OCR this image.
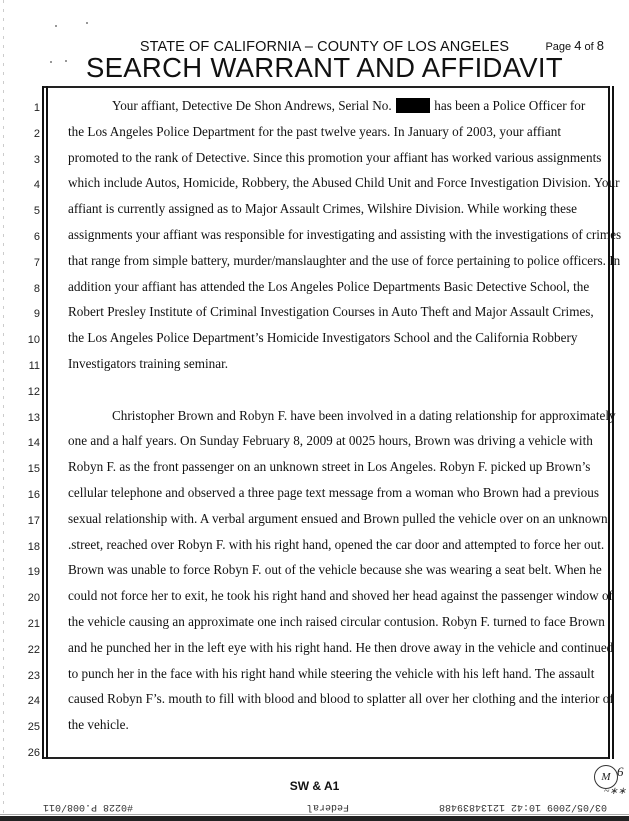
STATE OF CALIFORNIA – COUNTY OF LOS ANGELES	Page 4 of 8
SEARCH WARRANT AND AFFIDAVIT
1
2
3
4
5
6
7
8
9
10
11
12
13
14
15
16
17
18
19
20
21
22
23
24
25
26
Your affiant, Detective De Shon Andrews, Serial No.	has been a Police Officer for
the Los Angeles Police Department for the past twelve years. In January of 2003, your affiant
promoted to the rank of Detective. Since this promotion your affiant has worked various assignments
which include Autos, Homicide, Robbery, the Abused Child Unit and Force Investigation Division. Your
affiant is currently assigned as to Major Assault Crimes, Wilshire Division. While working these
assignments your affiant was responsible for investigating and assisting with the investigations of crimes
that range from simple battery, murder/manslaughter and the use of force pertaining to police officers. In
addition your affiant has attended the Los Angeles Police Departments Basic Detective School, the
Robert Presley Institute of Criminal Investigation Courses in Auto Theft and Major Assault Crimes,
the Los Angeles Police Department’s Homicide Investigators School and the California Robbery
Investigators training seminar.
Christopher Brown and Robyn F. have been involved in a dating relationship for approximately
one and a half years. On Sunday February 8, 2009 at 0025 hours, Brown was driving a vehicle with
Robyn F. as the front passenger on an unknown street in Los Angeles. Robyn F. picked up Brown’s
cellular telephone and observed a three page text message from a woman who Brown had a previous
sexual relationship with. A verbal argument ensued and Brown pulled the vehicle over on an unknown
.street, reached over Robyn F. with his right hand, opened the car door and attempted to force her out.
Brown was unable to force Robyn F. out of the vehicle because she was wearing a seat belt. When he
could not force her to exit, he took his right hand and shoved her head against the passenger window of
the vehicle causing an approximate one inch raised circular contusion. Robyn F. turned to face Brown
and he punched her in the left eye with his right hand. He then drove away in the vehicle and continued
to punch her in the face with his right hand while steering the vehicle with his left hand. The assault
caused Robyn F’s. mouth to fill with blood and blood to splatter all over her clothing and the interior of
the vehicle.
SW & A1
M 6
~∗∗
03/05/2009 10:42 12134839488
Federal
#0228 P.008/011
